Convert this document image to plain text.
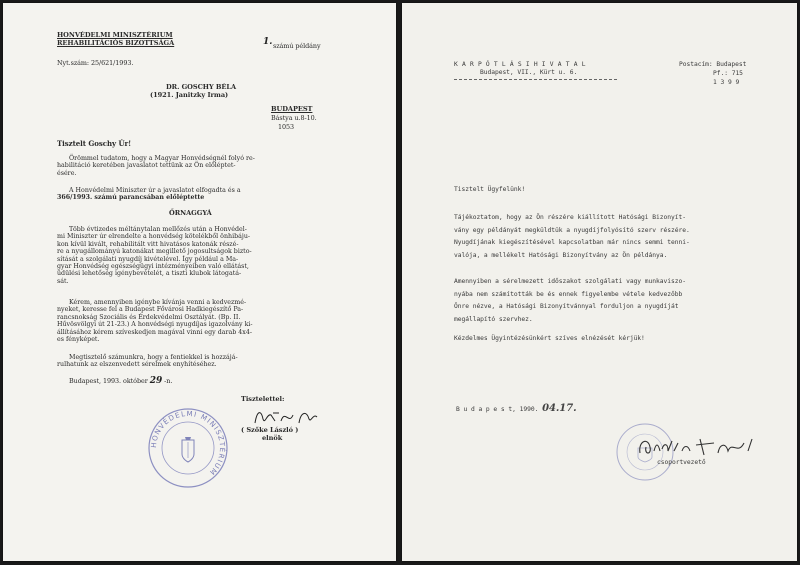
HONVÉDELMI MINISZTÉRIUM
REHABILITÁCIÓS BIZOTTSÁGA	1. számú példány
Nyt.szám: 25/621/1993.
DR. GOSCHY BÉLA
(1921. Janitzky Irma)
BUDAPEST
Bástya u.8-10.
1053
Tisztelt Goschy Úr!
Örömmel tudatom, hogy a Magyar Honvédségnél folyó re-
habilitáció keretében javaslatot tettünk az Ön előléptet-
ésére.
A Honvédelmi Miniszter úr a javaslatot elfogadta és a
366/1993. számú parancsában előléptette
ŐRNAGGYÁ
Több évtizedes méltánytalan mellőzés után a Honvédel-
mi Miniszter úr elrendelte a honvédség kötelékből önhibáju-
kon kívül kivált, rehabilitált vitt hivatásos katonák részé-
re a nyugállományú katonákat megillető jogosultságok bizto-
sítását a szolgálati nyugdíj kivételével. Így például a Ma-
gyar Honvédség egészségügyi intézményeiben való ellátást,
üdülési lehetőség igénybevételét, a tiszti klubok látogatá-
sát.
Kérem, amennyiben igénybe kívánja venni a kedvezmé-
nyeket, keresse fel a Budapest Fővárosi Hadkiegészítő Pa-
rancsnokság Szociális és Érdekvédelmi Osztályát. (Bp. II.
Hűvösvölgyi út 21-23.) A honvédségi nyugdíjas igazolvány ki-
állításához kérem szíveskedjen magával vinni egy darab 4x4-
es fényképet.
Megtisztelő számunkra, hogy a fentiekkel is hozzájá-
rulhatunk az elszenvedett sérelmek enyhítéséhez.
Budapest, 1993. október 29 -n.
Tisztelettel:
( Szőke László )
elnök
HONVÉDELMI MINISZTÉRIUM
K A R P Ó T L Á S I H I V A T A L
Budapest, VII., Kürt u. 6.
Postacím: Budapest
Pf.: 715
1 3 9 9
Tisztelt Ügyfelünk!
Tájékoztatom, hogy az Ön részére kiállított Hatósági Bizonyít-
vány egy példányát megküldtük a nyugdíjfolyósító szerv részére.
Nyugdíjának kiegészítésével kapcsolatban már nincs semmi tenni-
valója, a mellékelt Hatósági Bizonyítvány az Ön példánya.
Amennyiben a sérelmezett időszakot szolgálati vagy munkaviszo-
nyába nem számították be és ennek figyelembe vétele kedvezőbb
Önre nézve, a Hatósági Bizonyítvánnyal forduljon a nyugdíját
megállapító szervhez.
Kézdelmes Ügyintézésünkért szíves elnézését kérjük!
B u d a p e s t, 1990. 04.17.
csoportvezető
